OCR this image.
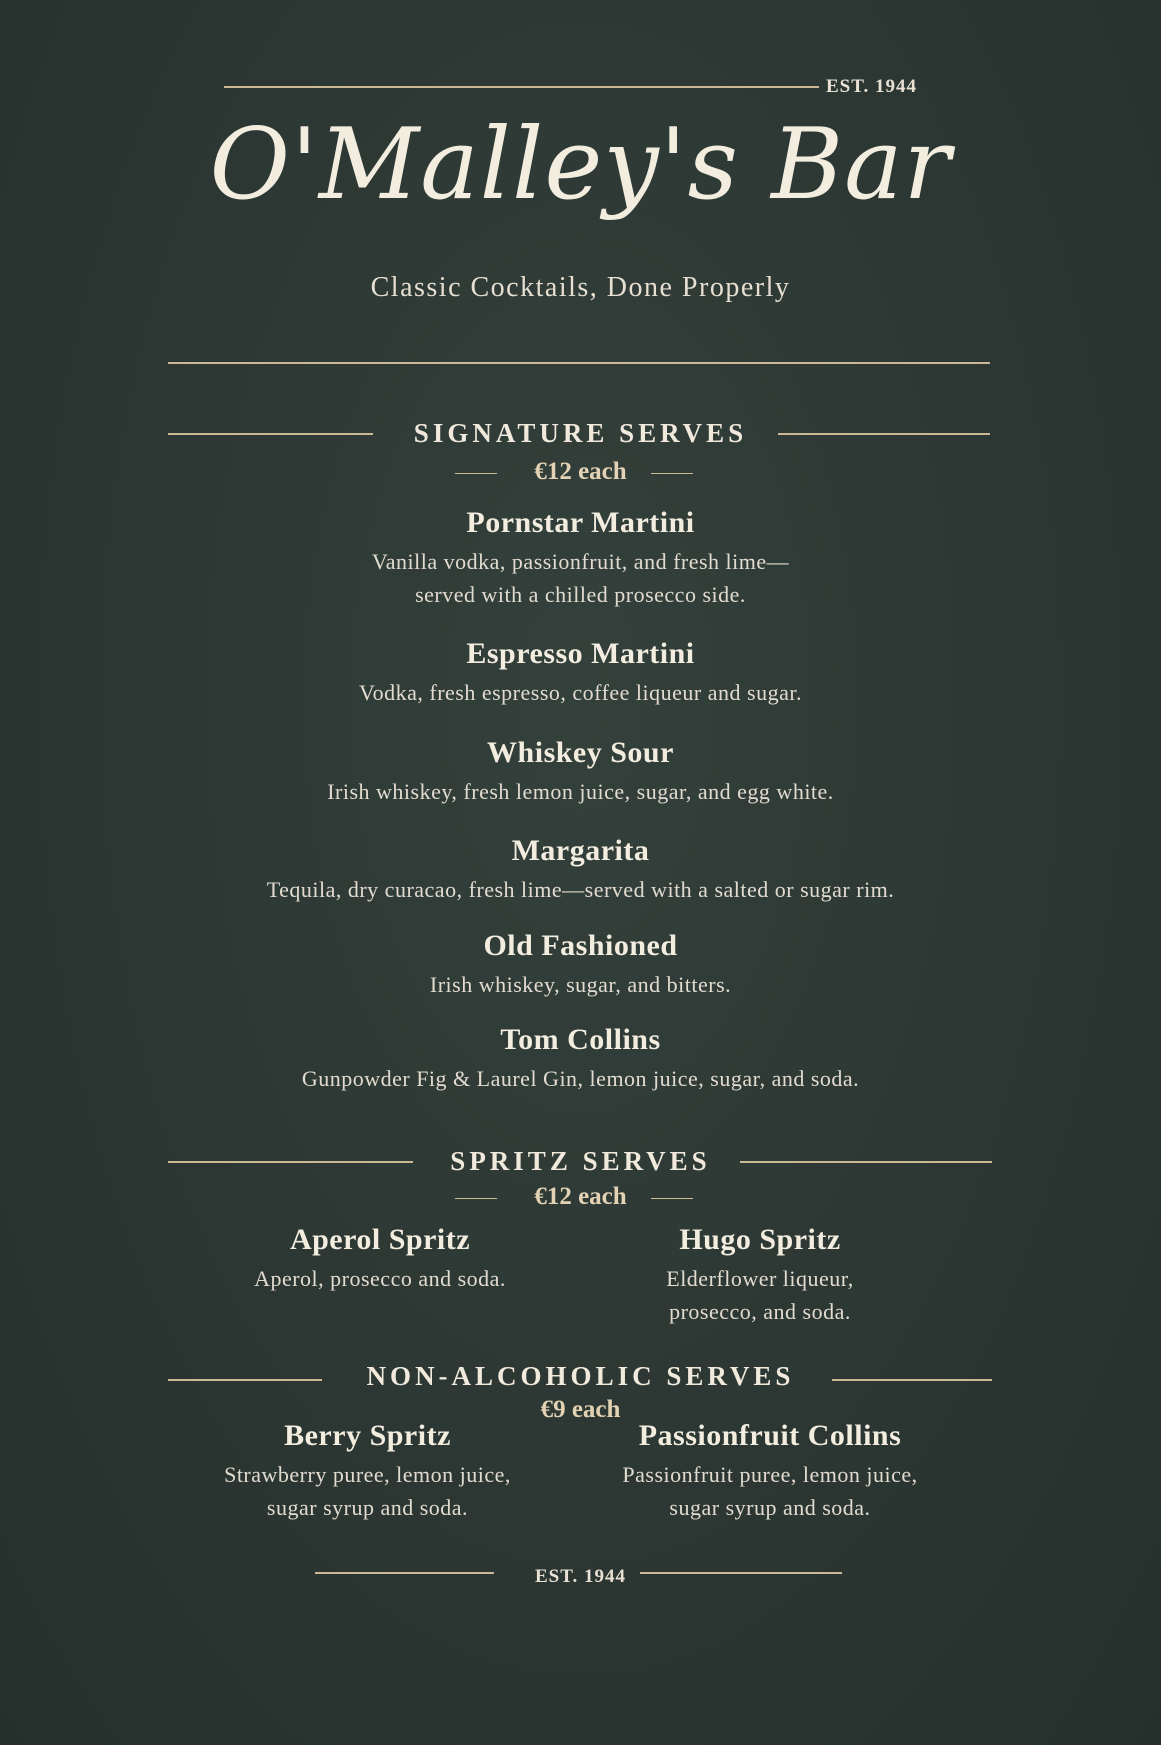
EST. 1944
O'Malley's Bar
Classic Cocktails, Done Properly
SIGNATURE SERVES
€12 each
Pornstar Martini
Vanilla vodka, passionfruit, and fresh lime—
served with a chilled prosecco side.
Espresso Martini
Vodka, fresh espresso, coffee liqueur and sugar.
Whiskey Sour
Irish whiskey, fresh lemon juice, sugar, and egg white.
Margarita
Tequila, dry curacao, fresh lime—served with a salted or sugar rim.
Old Fashioned
Irish whiskey, sugar, and bitters.
Tom Collins
Gunpowder Fig & Laurel Gin, lemon juice, sugar, and soda.
SPRITZ SERVES
€12 each
Aperol Spritz
Aperol, prosecco and soda.
Hugo Spritz
Elderflower liqueur,
prosecco, and soda.
NON-ALCOHOLIC SERVES
€9 each
Berry Spritz
Strawberry puree, lemon juice,
sugar syrup and soda.
Passionfruit Collins
Passionfruit puree, lemon juice,
sugar syrup and soda.
EST. 1944
